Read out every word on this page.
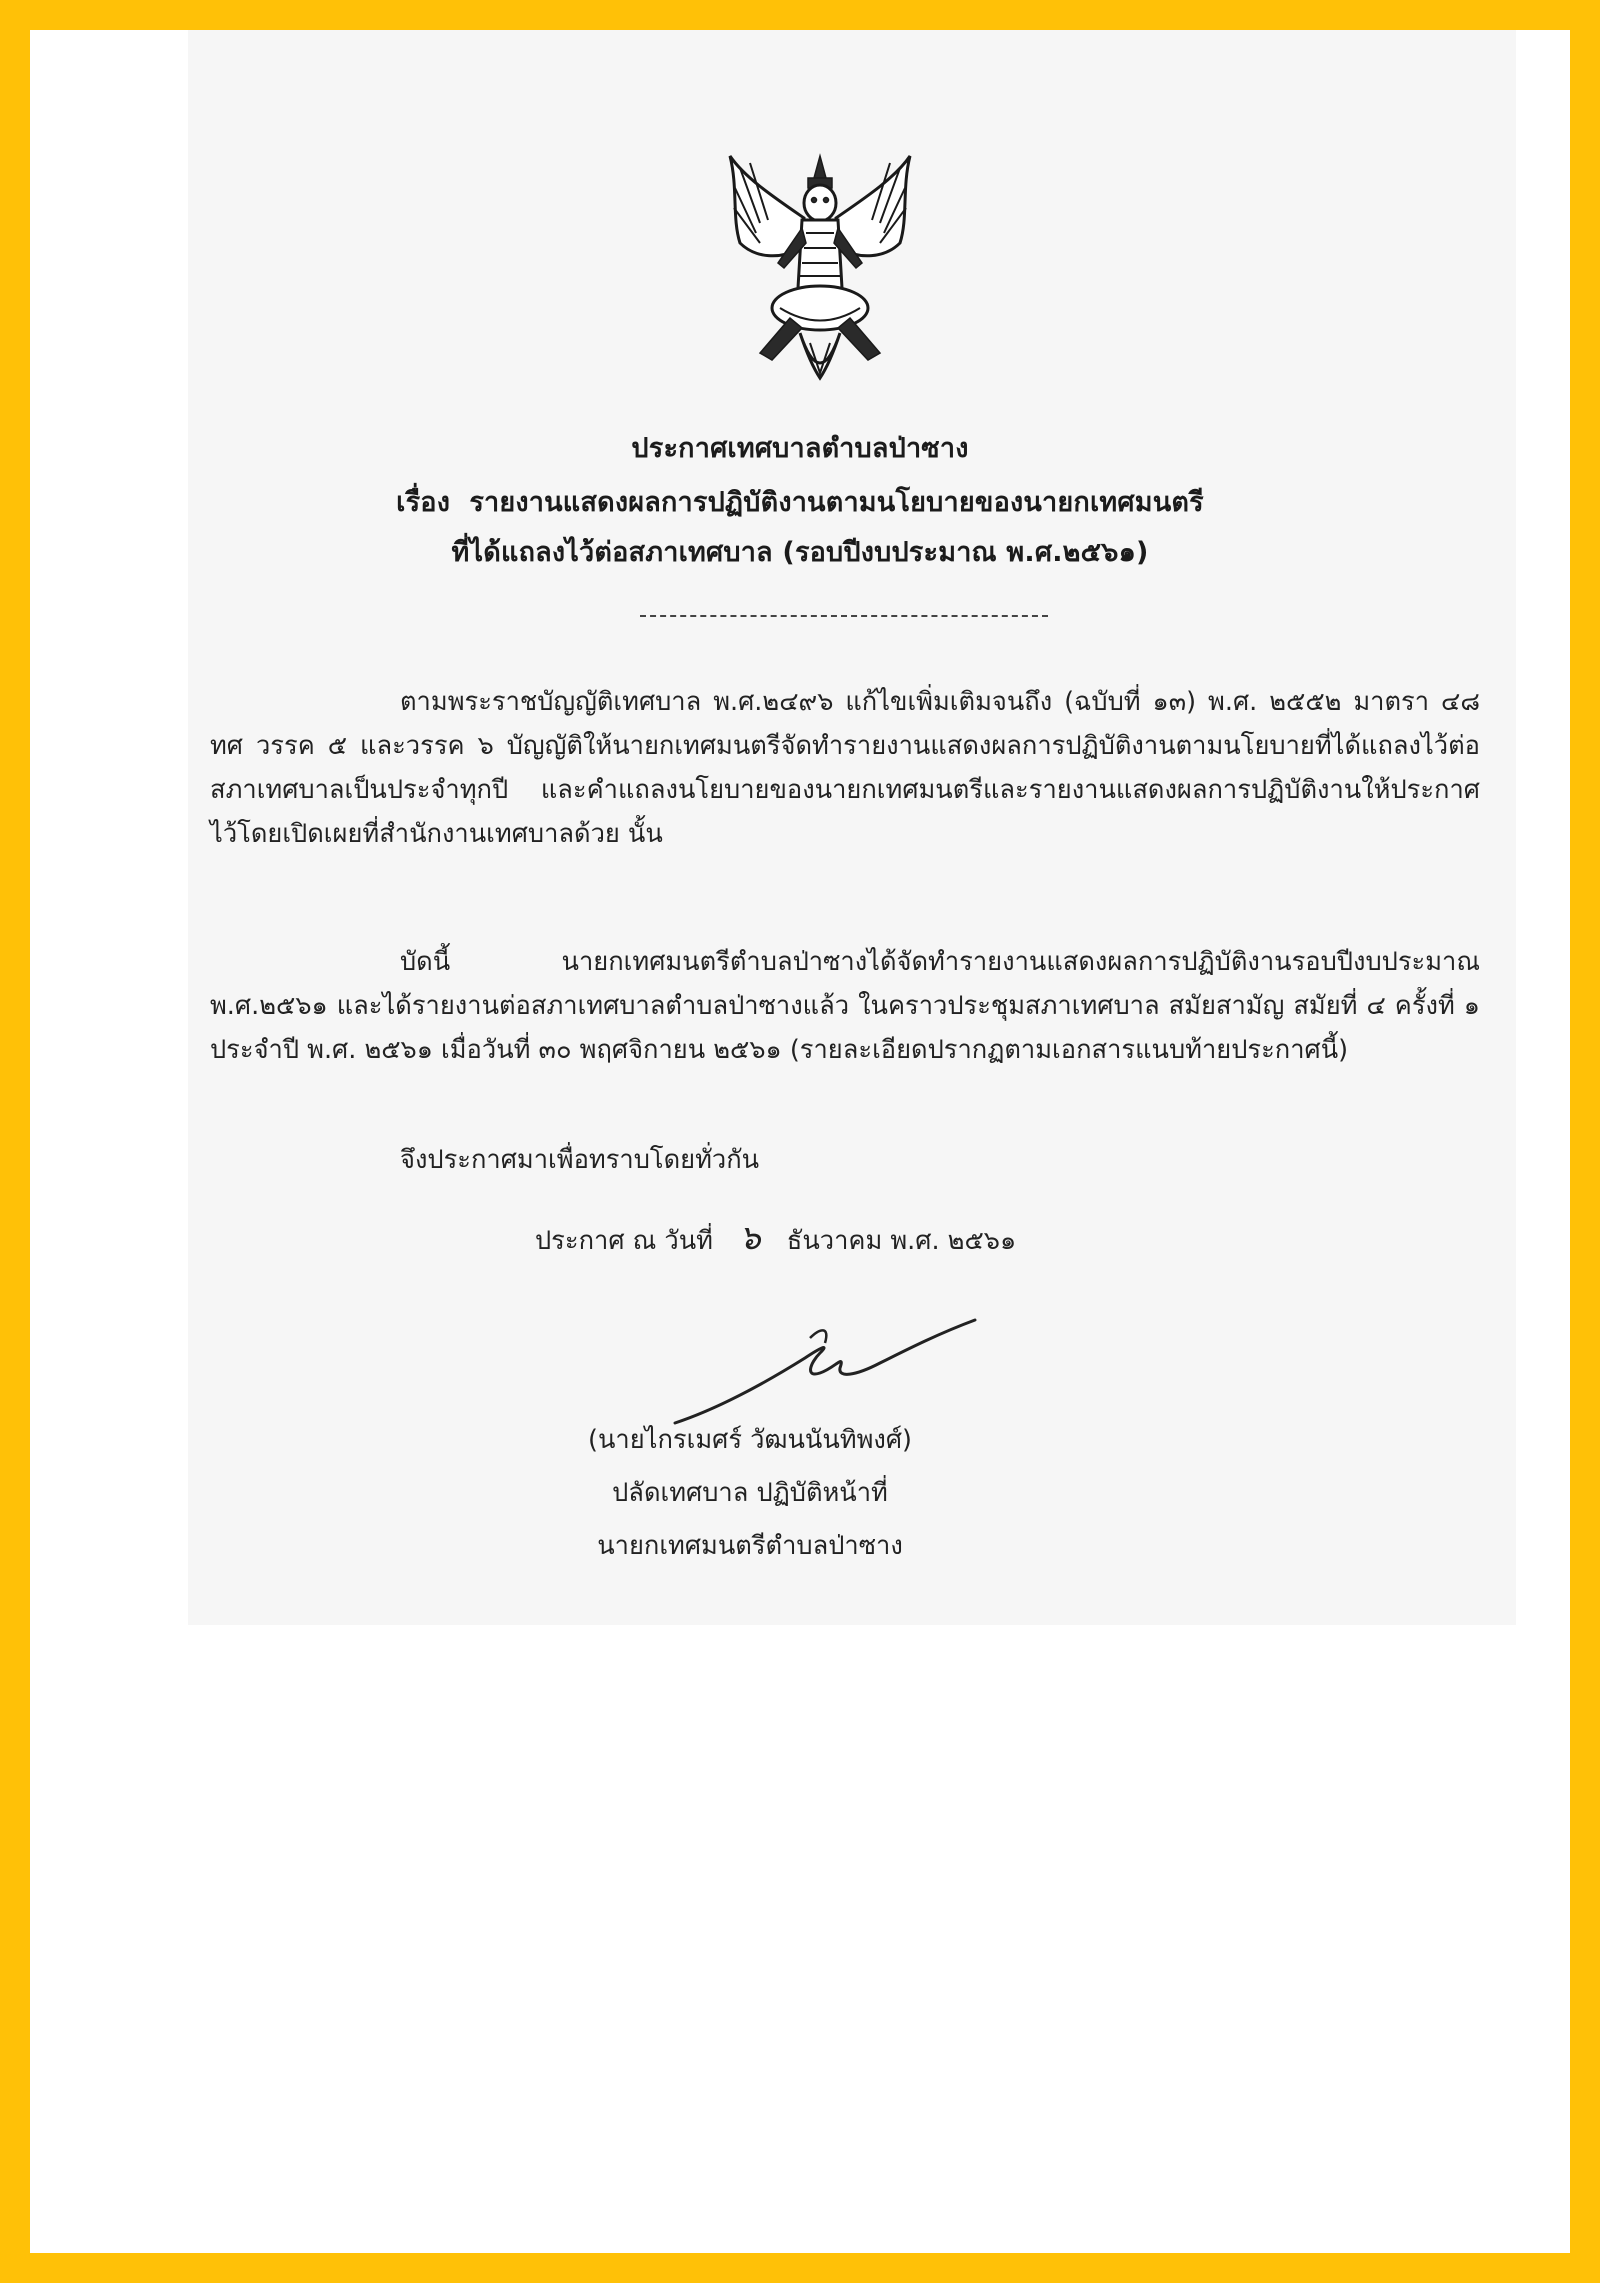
ประกาศเทศบาลตำบลป่าซาง
เรื่อง รายงานแสดงผลการปฏิบัติงานตามนโยบายของนายกเทศมนตรี
ที่ได้แถลงไว้ต่อสภาเทศบาล (รอบปีงบประมาณ พ.ศ.๒๕๖๑)
ตามพระราชบัญญัติเทศบาล พ.ศ.๒๔๙๖ แก้ไขเพิ่มเติมจนถึง (ฉบับที่ ๑๓) พ.ศ. ๒๕๕๒ มาตรา ๔๘ ทศ วรรค ๕ และวรรค ๖ บัญญัติให้นายกเทศมนตรีจัดทำรายงานแสดงผลการปฏิบัติงานตามนโยบายที่ได้แถลงไว้ต่อสภาเทศบาลเป็นประจำทุกปี และคำแถลงนโยบายของนายกเทศมนตรีและรายงานแสดงผลการปฏิบัติงานให้ประกาศไว้โดยเปิดเผยที่สำนักงานเทศบาลด้วย นั้น
บัดนี้ นายกเทศมนตรีตำบลป่าซางได้จัดทำรายงานแสดงผลการปฏิบัติงานรอบปีงบประมาณ พ.ศ.๒๕๖๑ และได้รายงานต่อสภาเทศบาลตำบลป่าซางแล้ว ในคราวประชุมสภาเทศบาล สมัยสามัญ สมัยที่ ๔ ครั้งที่ ๑ ประจำปี พ.ศ. ๒๕๖๑ เมื่อวันที่ ๓๐ พฤศจิกายน ๒๕๖๑ (รายละเอียดปรากฏตามเอกสารแนบท้ายประกาศนี้)
จึงประกาศมาเพื่อทราบโดยทั่วกัน
ประกาศ ณ วันที่ ๖ ธันวาคม พ.ศ. ๒๕๖๑
(นายไกรเมศร์ วัฒนนันทิพงศ์)
ปลัดเทศบาล ปฏิบัติหน้าที่
นายกเทศมนตรีตำบลป่าซาง
